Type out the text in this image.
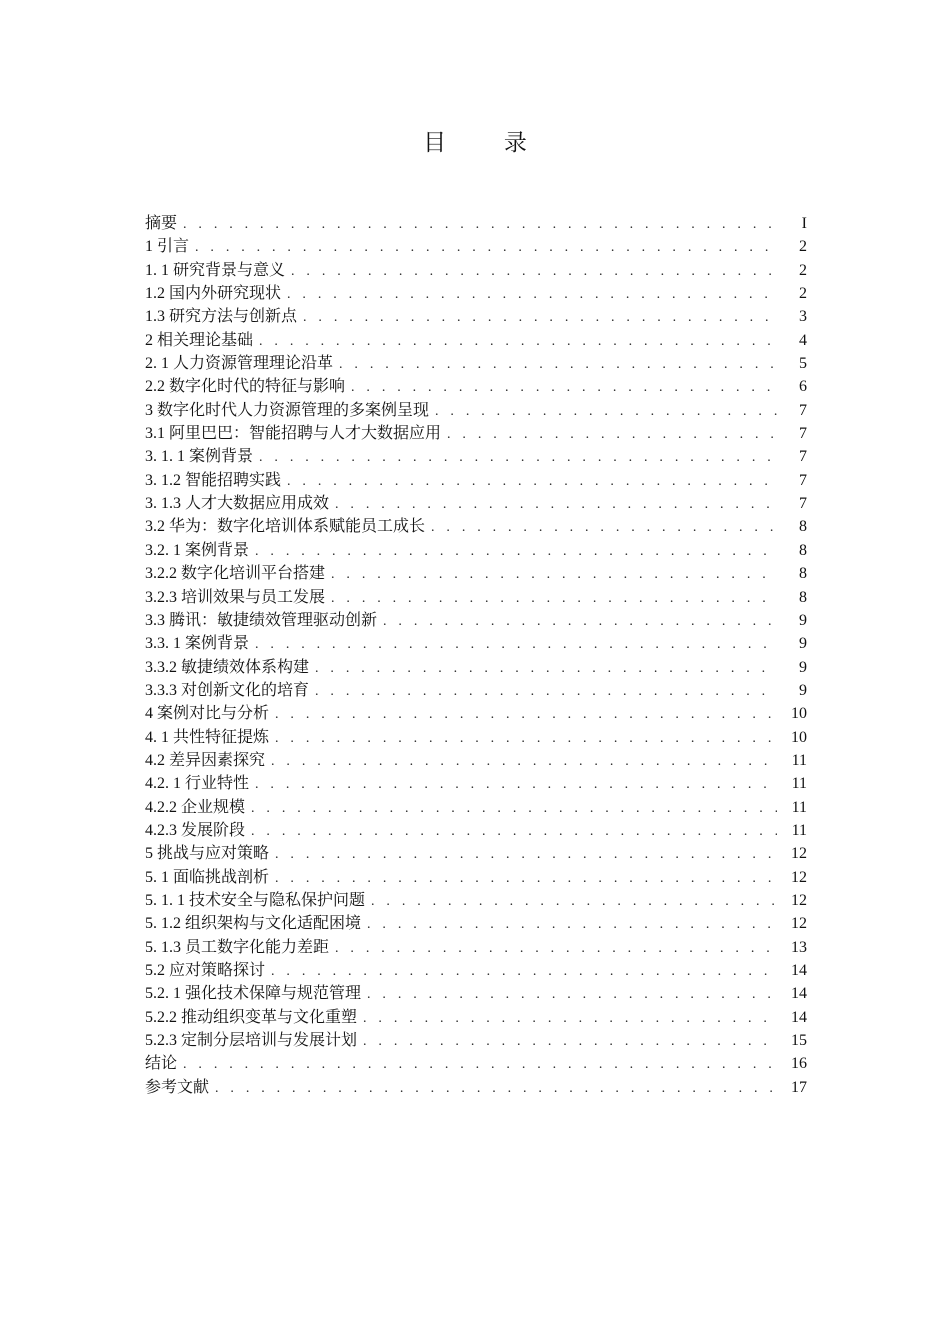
目 录
摘要 . . .	I
1 引言 . . .	2
1. 1 研究背景与意义 . . .	2
1.2 国内外研究现状 . . .	2
1.3 研究方法与创新点 . . .	3
2 相关理论基础 . . .	4
2. 1 人力资源管理理论沿革 . . .	5
2.2 数字化时代的特征与影响 . . .	6
3 数字化时代人力资源管理的多案例呈现 . . .	7
3.1 阿里巴巴：智能招聘与人才大数据应用 . . .	7
3. 1. 1 案例背景 . . .	7
3. 1.2 智能招聘实践 . . .	7
3. 1.3 人才大数据应用成效 . . .	7
3.2 华为：数字化培训体系赋能员工成长 . . .	8
3.2. 1 案例背景 . . .	8
3.2.2 数字化培训平台搭建 . . .	8
3.2.3 培训效果与员工发展 . . .	8
3.3 腾讯：敏捷绩效管理驱动创新 . . .	9
3.3. 1 案例背景 . . .	9
3.3.2 敏捷绩效体系构建 . . .	9
3.3.3 对创新文化的培育 . . .	9
4 案例对比与分析 . . .	10
4. 1 共性特征提炼 . . .	10
4.2 差异因素探究 . . .	11
4.2. 1 行业特性 . . .	11
4.2.2 企业规模 . . .	11
4.2.3 发展阶段 . . .	11
5 挑战与应对策略 . . .	12
5. 1 面临挑战剖析 . . .	12
5. 1. 1 技术安全与隐私保护问题 . . .	12
5. 1.2 组织架构与文化适配困境 . . .	12
5. 1.3 员工数字化能力差距 . . .	13
5.2 应对策略探讨 . . .	14
5.2. 1 强化技术保障与规范管理 . . .	14
5.2.2 推动组织变革与文化重塑 . . .	14
5.2.3 定制分层培训与发展计划 . . .	15
结论 . . .	16
参考文献 . . .	17
